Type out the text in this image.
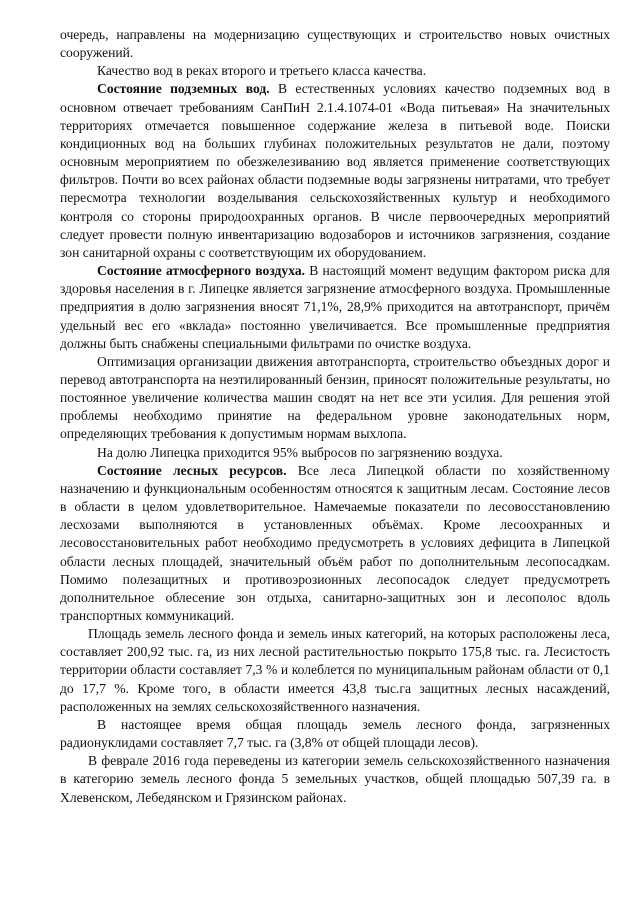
очередь, направлены на модернизацию существующих и строительство новых очистных сооружений.

Качество вод в реках второго и третьего класса качества.

Состояние подземных вод. В естественных условиях качество подземных вод в основном отвечает требованиям СанПиН 2.1.4.1074-01 «Вода питьевая» На значительных территориях отмечается повышенное содержание железа в питьевой воде. Поиски кондиционных вод на больших глубинах положительных результатов не дали, поэтому основным мероприятием по обезжелезиванию вод является применение соответствующих фильтров. Почти во всех районах области подземные воды загрязнены нитратами, что требует пересмотра технологии возделывания сельскохозяйственных культур и необходимого контроля со стороны природоохранных органов. В числе первоочередных мероприятий следует провести полную инвентаризацию водозаборов и источников загрязнения, создание зон санитарной охраны с соответствующим их оборудованием.

Состояние атмосферного воздуха. В настоящий момент ведущим фактором риска для здоровья населения в г. Липецке является загрязнение атмосферного воздуха. Промышленные предприятия в долю загрязнения вносят 71,1%, 28,9% приходится на автотранспорт, причём удельный вес его «вклада» постоянно увеличивается. Все промышленные предприятия должны быть снабжены специальными фильтрами по очистке воздуха.

Оптимизация организации движения автотранспорта, строительство объездных дорог и перевод автотранспорта на неэтилированный бензин, приносят положительные результаты, но постоянное увеличение количества машин сводят на нет все эти усилия. Для решения этой проблемы необходимо принятие на федеральном уровне законодательных норм, определяющих требования к допустимым нормам выхлопа.

На долю Липецка приходится 95% выбросов по загрязнению воздуха.

Состояние лесных ресурсов. Все леса Липецкой области по хозяйственному назначению и функциональным особенностям относятся к защитным лесам. Состояние лесов в области в целом удовлетворительное. Намечаемые показатели по лесовосстановлению лесхозами выполняются в установленных объёмах. Кроме лесоохранных и лесовосстановительных работ необходимо предусмотреть в условиях дефицита в Липецкой области лесных площадей, значительный объём работ по дополнительным лесопосадкам. Помимо полезащитных и противоэрозионных лесопосадок следует предусмотреть дополнительное облесение зон отдыха, санитарно-защитных зон и лесополос вдоль транспортных коммуникаций.

Площадь земель лесного фонда и земель иных категорий, на которых расположены леса, составляет 200,92 тыс. га, из них лесной растительностью покрыто 175,8 тыс. га. Лесистость территории области составляет 7,3 % и колеблется по муниципальным районам области от 0,1 до 17,7 %. Кроме того, в области имеется 43,8 тыс.га защитных лесных насаждений, расположенных на землях сельскохозяйственного назначения.

В настоящее время общая площадь земель лесного фонда, загрязненных радионуклидами составляет 7,7 тыс. га (3,8% от общей площади лесов).

В феврале 2016 года переведены из категории земель сельскохозяйственного назначения в категорию земель лесного фонда 5 земельных участков, общей площадью 507,39 га. в Хлевенском, Лебедянском и Грязинском районах.
